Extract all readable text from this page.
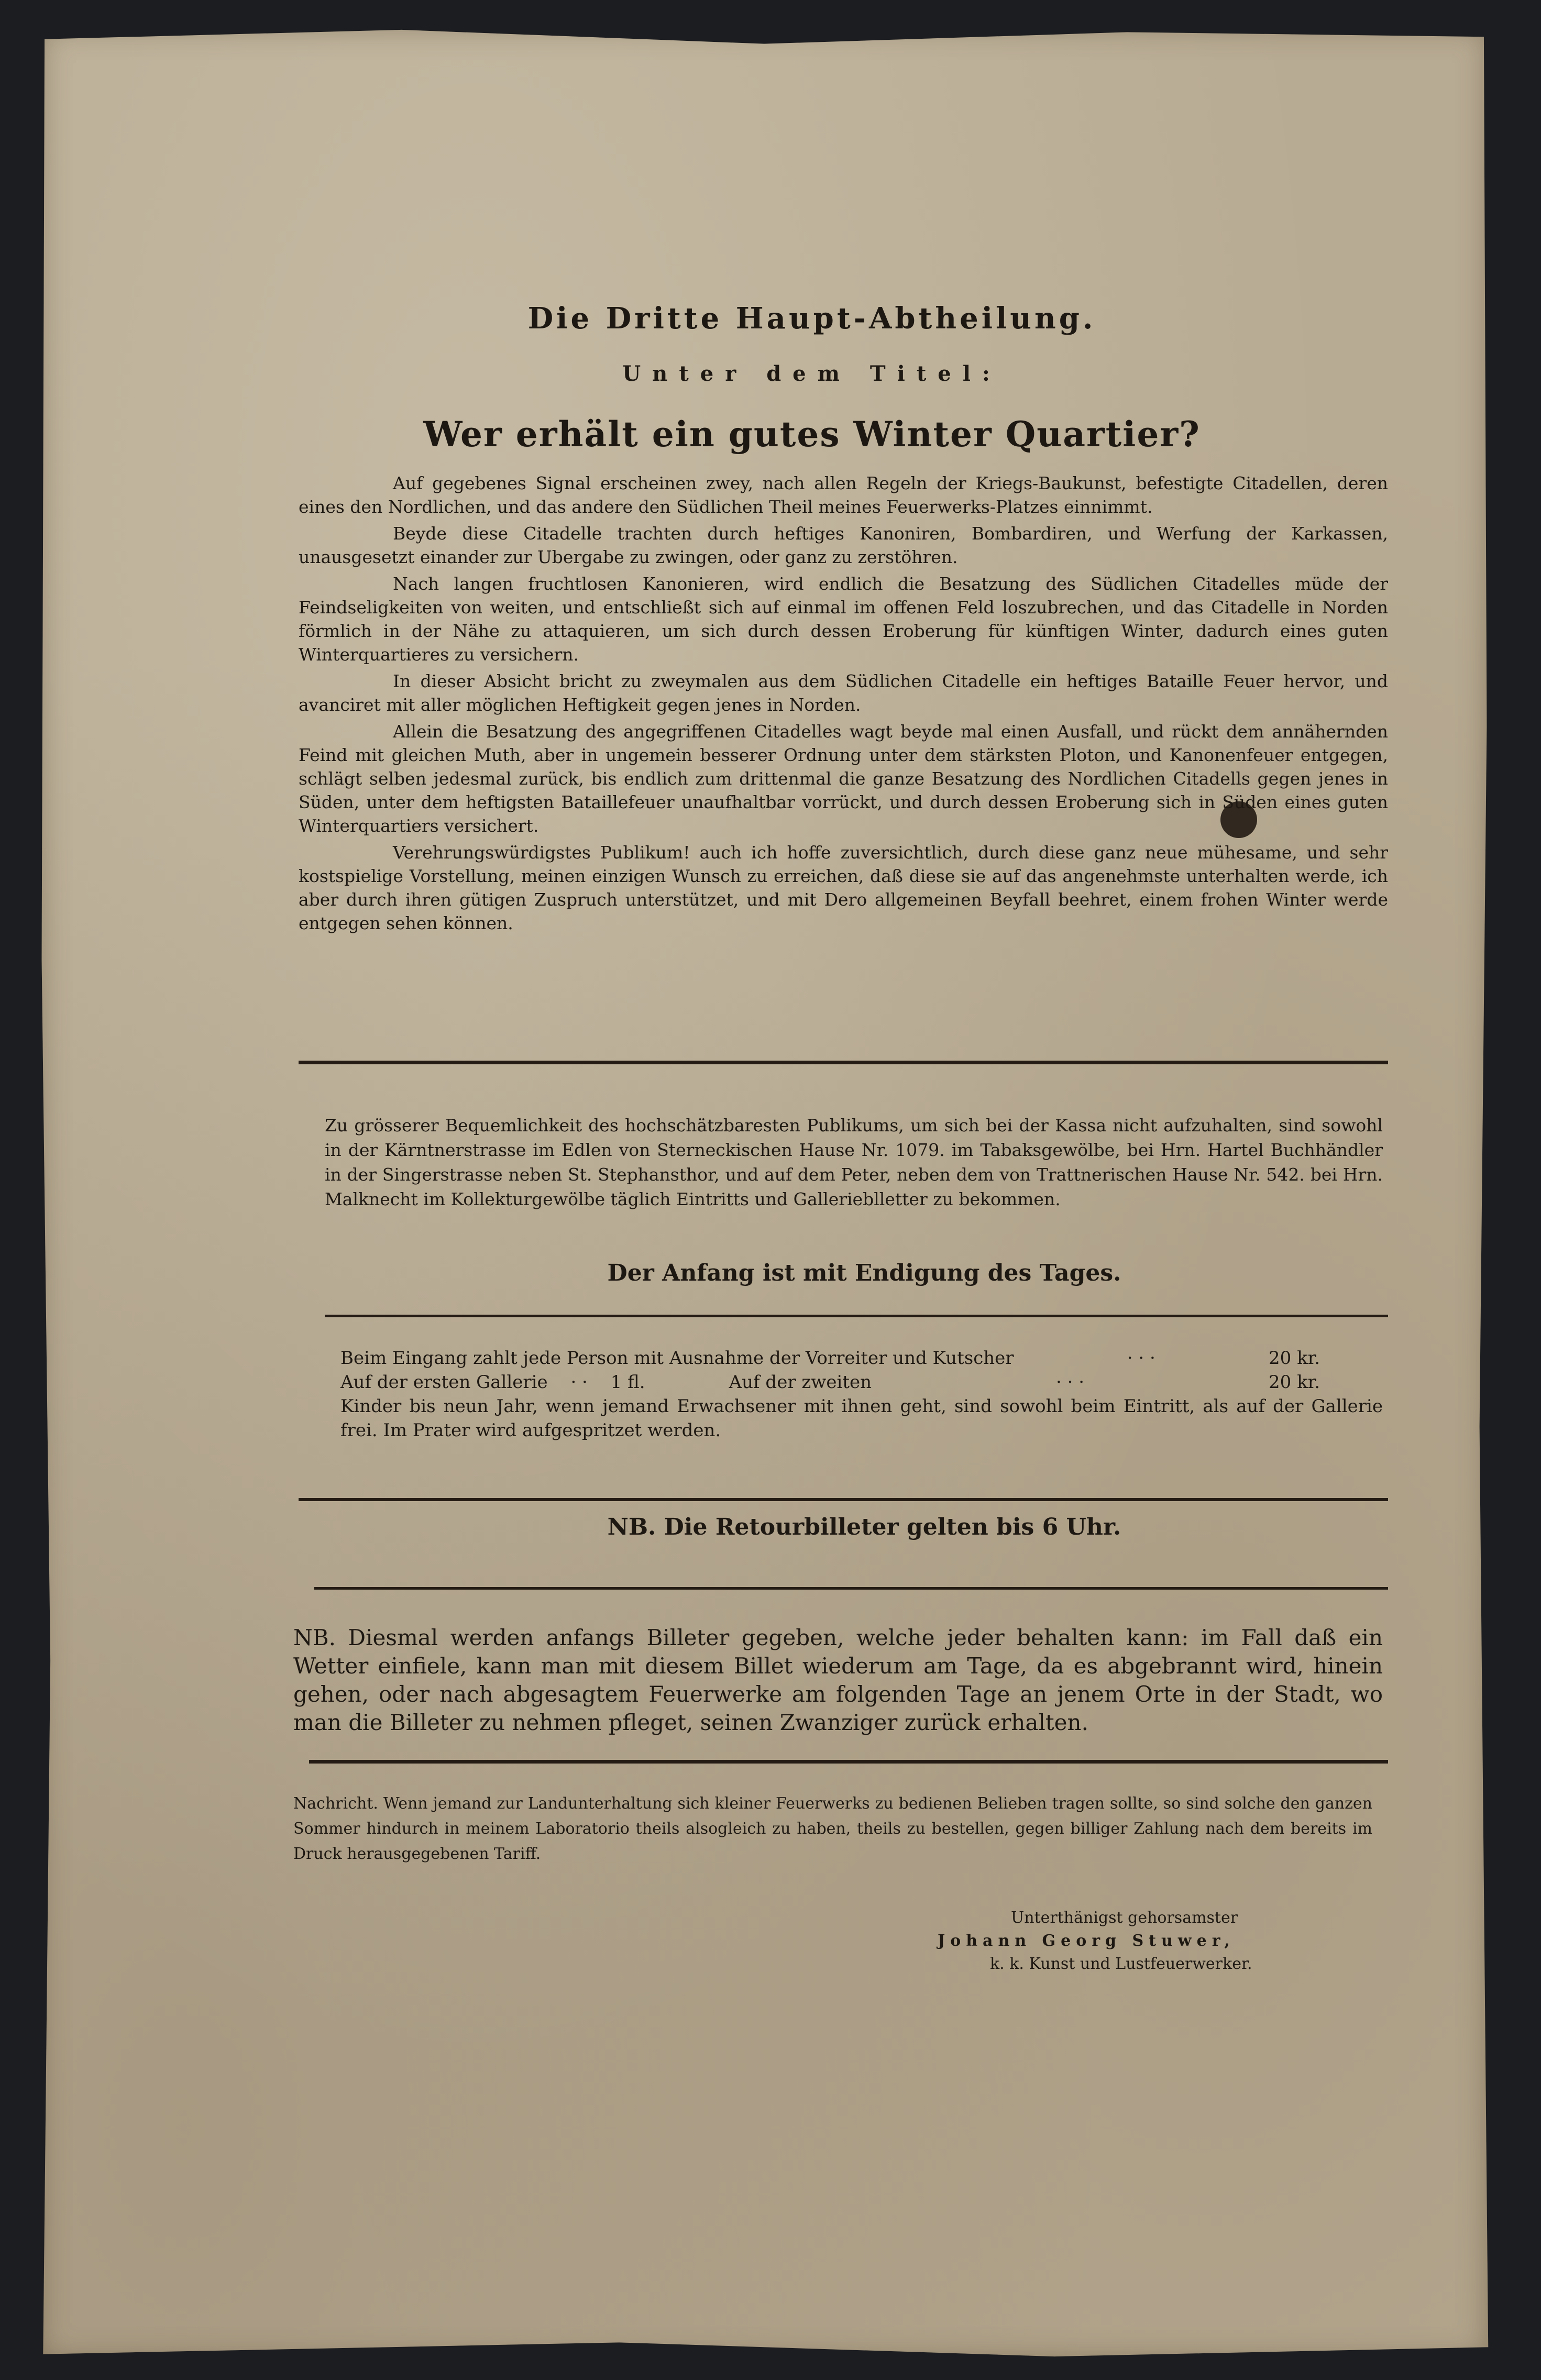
Die Dritte Haupt-Abtheilung.

Unter dem Titel:

Wer erhält ein gutes Winter Quartier?

Auf gegebenes Signal erscheinen zwey, nach allen Regeln der Kriegs-Baukunst, befestigte Citadellen, deren eines den Nordlichen, und das andere den Südlichen Theil meines Feuerwerks-Platzes einnimmt.

Beyde diese Citadelle trachten durch heftiges Kanoniren, Bombardiren, und Werfung der Karkassen, unausgesetzt einander zur Ubergabe zu zwingen, oder ganz zu zerstöhren.

Nach langen fruchtlosen Kanonieren, wird endlich die Besatzung des Südlichen Citadelles müde der Feindseligkeiten von weiten, und entschließt sich auf einmal im offenen Feld loszubrechen, und das Citadelle in Norden förmlich in der Nähe zu attaquieren, um sich durch dessen Eroberung für künftigen Winter, dadurch eines guten Winterquartieres zu versichern.

In dieser Absicht bricht zu zweymalen aus dem Südlichen Citadelle ein heftiges Bataille Feuer hervor, und avanciret mit aller möglichen Heftigkeit gegen jenes in Norden.

Allein die Besatzung des angegriffenen Citadelles wagt beyde mal einen Ausfall, und rückt dem annähernden Feind mit gleichen Muth, aber in ungemein besserer Ordnung unter dem stärksten Ploton, und Kanonenfeuer entgegen, schlägt selben jedesmal zurück, bis endlich zum drittenmal die ganze Besatzung des Nordlichen Citadells gegen jenes in Süden, unter dem heftigsten Bataillefeuer unaufhaltbar vorrückt, und durch dessen Eroberung sich in Süden eines guten Winterquartiers versichert.

Verehrungswürdigstes Publikum! auch ich hoffe zuversichtlich, durch diese ganz neue mühesame, und sehr kostspielige Vorstellung, meinen einzigen Wunsch zu erreichen, daß diese sie auf das angenehmste unterhalten werde, ich aber durch ihren gütigen Zuspruch unterstützet, und mit Dero allgemeinen Beyfall beehret, einem frohen Winter werde entgegen sehen können.

Zu grösserer Bequemlichkeit des hochschätzbaresten Publikums, um sich bei der Kassa nicht aufzuhalten, sind sowohl in der Kärntnerstrasse im Edlen von Sterneckischen Hause Nr. 1079. im Tabaksgewölbe, bei Hrn. Hartel Buchhändler in der Singerstrasse neben St. Stephansthor, und auf dem Peter, neben dem von Trattnerischen Hause Nr. 542. bei Hrn. Malknecht im Kollekturgewölbe täglich Eintritts und Gallerieblletter zu bekommen.

Der Anfang ist mit Endigung des Tages.

Beim Eingang zahlt jede Person mit Ausnahme der Vorreiter und Kutscher	· · ·	20 kr.
Auf der ersten Gallerie	· ·	1 fl.	Auf der zweiten	· · ·	20 kr.

Kinder bis neun Jahr, wenn jemand Erwachsener mit ihnen geht, sind sowohl beim Eintritt, als auf der Gallerie frei. Im Prater wird aufgespritzet werden.

NB. Die Retourbilleter gelten bis 6 Uhr.

NB. Diesmal werden anfangs Billeter gegeben, welche jeder behalten kann: im Fall daß ein Wetter einfiele, kann man mit diesem Billet wiederum am Tage, da es abgebrannt wird, hinein gehen, oder nach abgesagtem Feuerwerke am folgenden Tage an jenem Orte in der Stadt, wo man die Billeter zu nehmen pfleget, seinen Zwanziger zurück erhalten.

Nachricht. Wenn jemand zur Landunterhaltung sich kleiner Feuerwerks zu bedienen Belieben tragen sollte, so sind solche den ganzen Sommer hindurch in meinem Laboratorio theils alsogleich zu haben, theils zu bestellen, gegen billiger Zahlung nach dem bereits im Druck herausgegebenen Tariff.

Unterthänigst gehorsamster
Johann Georg Stuwer,
k. k. Kunst und Lustfeuerwerker.
